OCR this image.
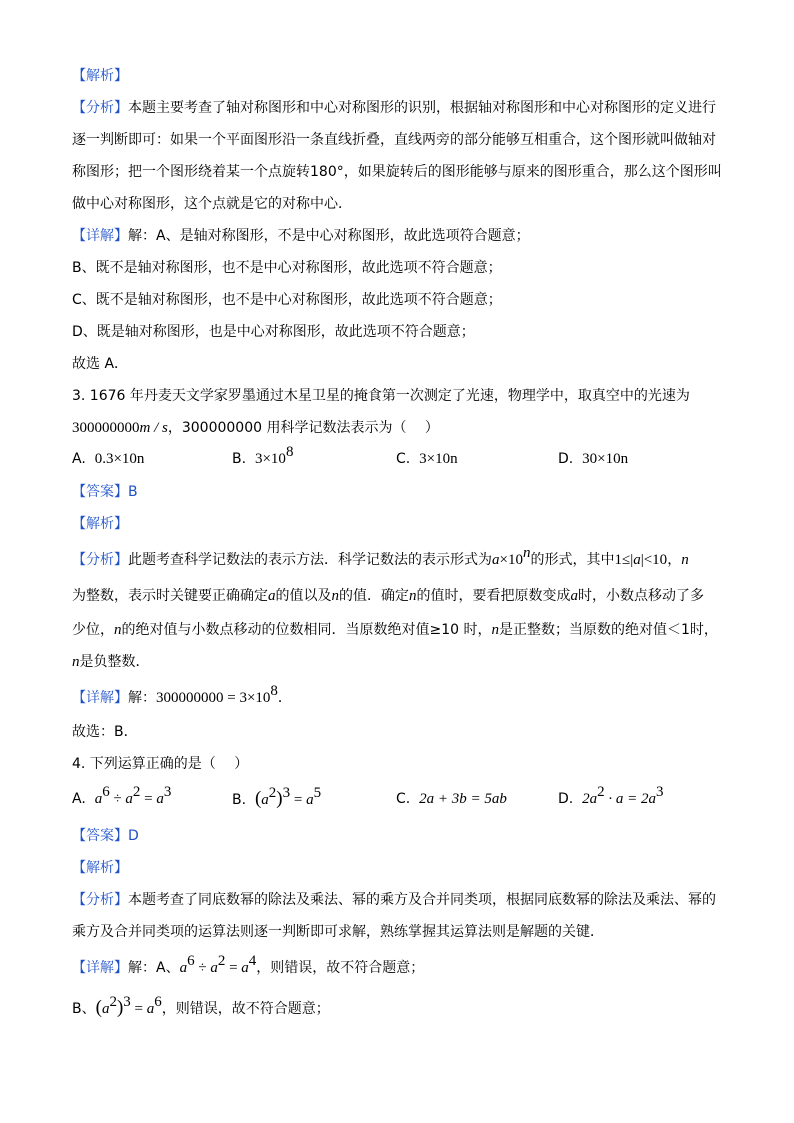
【解析】
【分析】本题主要考查了轴对称图形和中心对称图形的识别，根据轴对称图形和中心对称图形的定义进行
逐一判断即可：如果一个平面图形沿一条直线折叠，直线两旁的部分能够互相重合，这个图形就叫做轴对
称图形；把一个图形绕着某一个点旋转180°，如果旋转后的图形能够与原来的图形重合，那么这个图形叫
做中心对称图形，这个点就是它的对称中心．
【详解】解：A、是轴对称图形，不是中心对称图形，故此选项符合题意；
B、既不是轴对称图形，也不是中心对称图形，故此选项不符合题意；
C、既不是轴对称图形，也不是中心对称图形，故此选项不符合题意；
D、既是轴对称图形，也是中心对称图形，故此选项不符合题意；
故选 A．
3. 1676 年丹麦天文学家罗墨通过木星卫星的掩食第一次测定了光速，物理学中，取真空中的光速为
300000000m / s，300000000 用科学记数法表示为（　 ）
A. 0.3×10n	B. $3\times 10^8$	C. 3×10n	D. 30×10n
【答案】B
【解析】
【分析】此题考查科学记数法的表示方法．科学记数法的表示形式为$a\times 10^n$的形式，其中1≤|a|<10，n
为整数，表示时关键要正确确定a的值以及n的值．确定n的值时，要看把原数变成a时，小数点移动了多
少位，n的绝对值与小数点移动的位数相同．当原数绝对值≥10 时，n是正整数；当原数的绝对值＜1时，
n是负整数．
【详解】解：$300000000 = 3\times 10^8$．
故选：B．
4. 下列运算正确的是（　 ）
A. $a^6 \div a^2 = a^3$	B. $(a^2)^3 = a^5$	C. 2a + 3b = 5ab	D. $2a^2 \cdot a = 2a^3$
【答案】D
【解析】
【分析】本题考查了同底数幂的除法及乘法、幂的乘方及合并同类项，根据同底数幂的除法及乘法、幂的
乘方及合并同类项的运算法则逐一判断即可求解，熟练掌握其运算法则是解题的关键．
【详解】解：A、$a^6 \div a^2 = a^4$，则错误，故不符合题意；
B、$(a^2)^3 = a^6$，则错误，故不符合题意；
